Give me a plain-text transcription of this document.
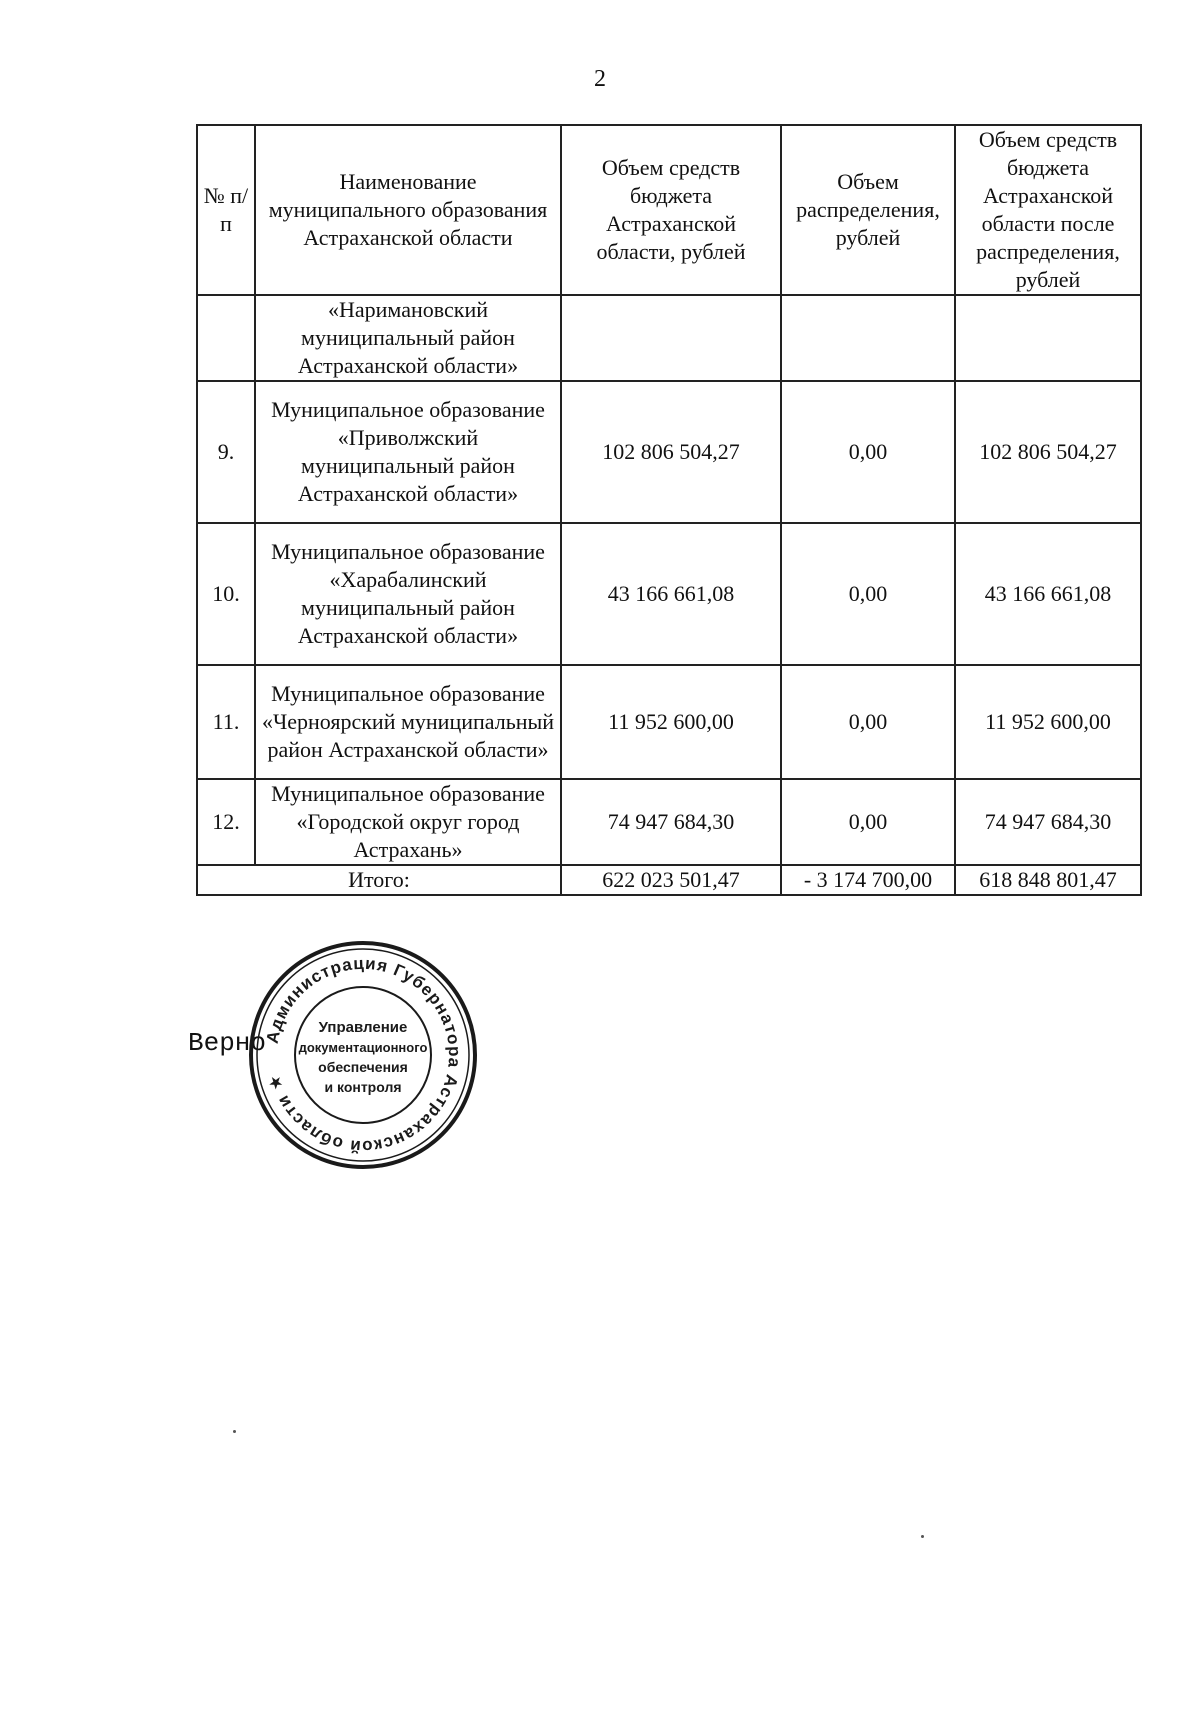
2
№ п/п	Наименование муниципального образования Астраханской области	Объем средств бюджета Астраханской области, рублей	Объем распределения, рублей	Объем средств бюджета Астраханской области после распределения, рублей
	«Наримановский муниципальный район Астраханской области»			
9.	Муниципальное образование «Приволжский муниципальный район Астраханской области»	102 806 504,27	0,00	102 806 504,27
10.	Муниципальное образование «Харабалинский муниципальный район Астраханской области»	43 166 661,08	0,00	43 166 661,08
11.	Муниципальное образование «Черноярский муниципальный район Астраханской области»	11 952 600,00	0,00	11 952 600,00
12.	Муниципальное образование «Городской округ город Астрахань»	74 947 684,30	0,00	74 947 684,30
Итого:		622 023 501,47	- 3 174 700,00	618 848 801,47
Верно
Администрация Губернатора Астраханской области ★
Управление
документационного
обеспечения
и контроля
